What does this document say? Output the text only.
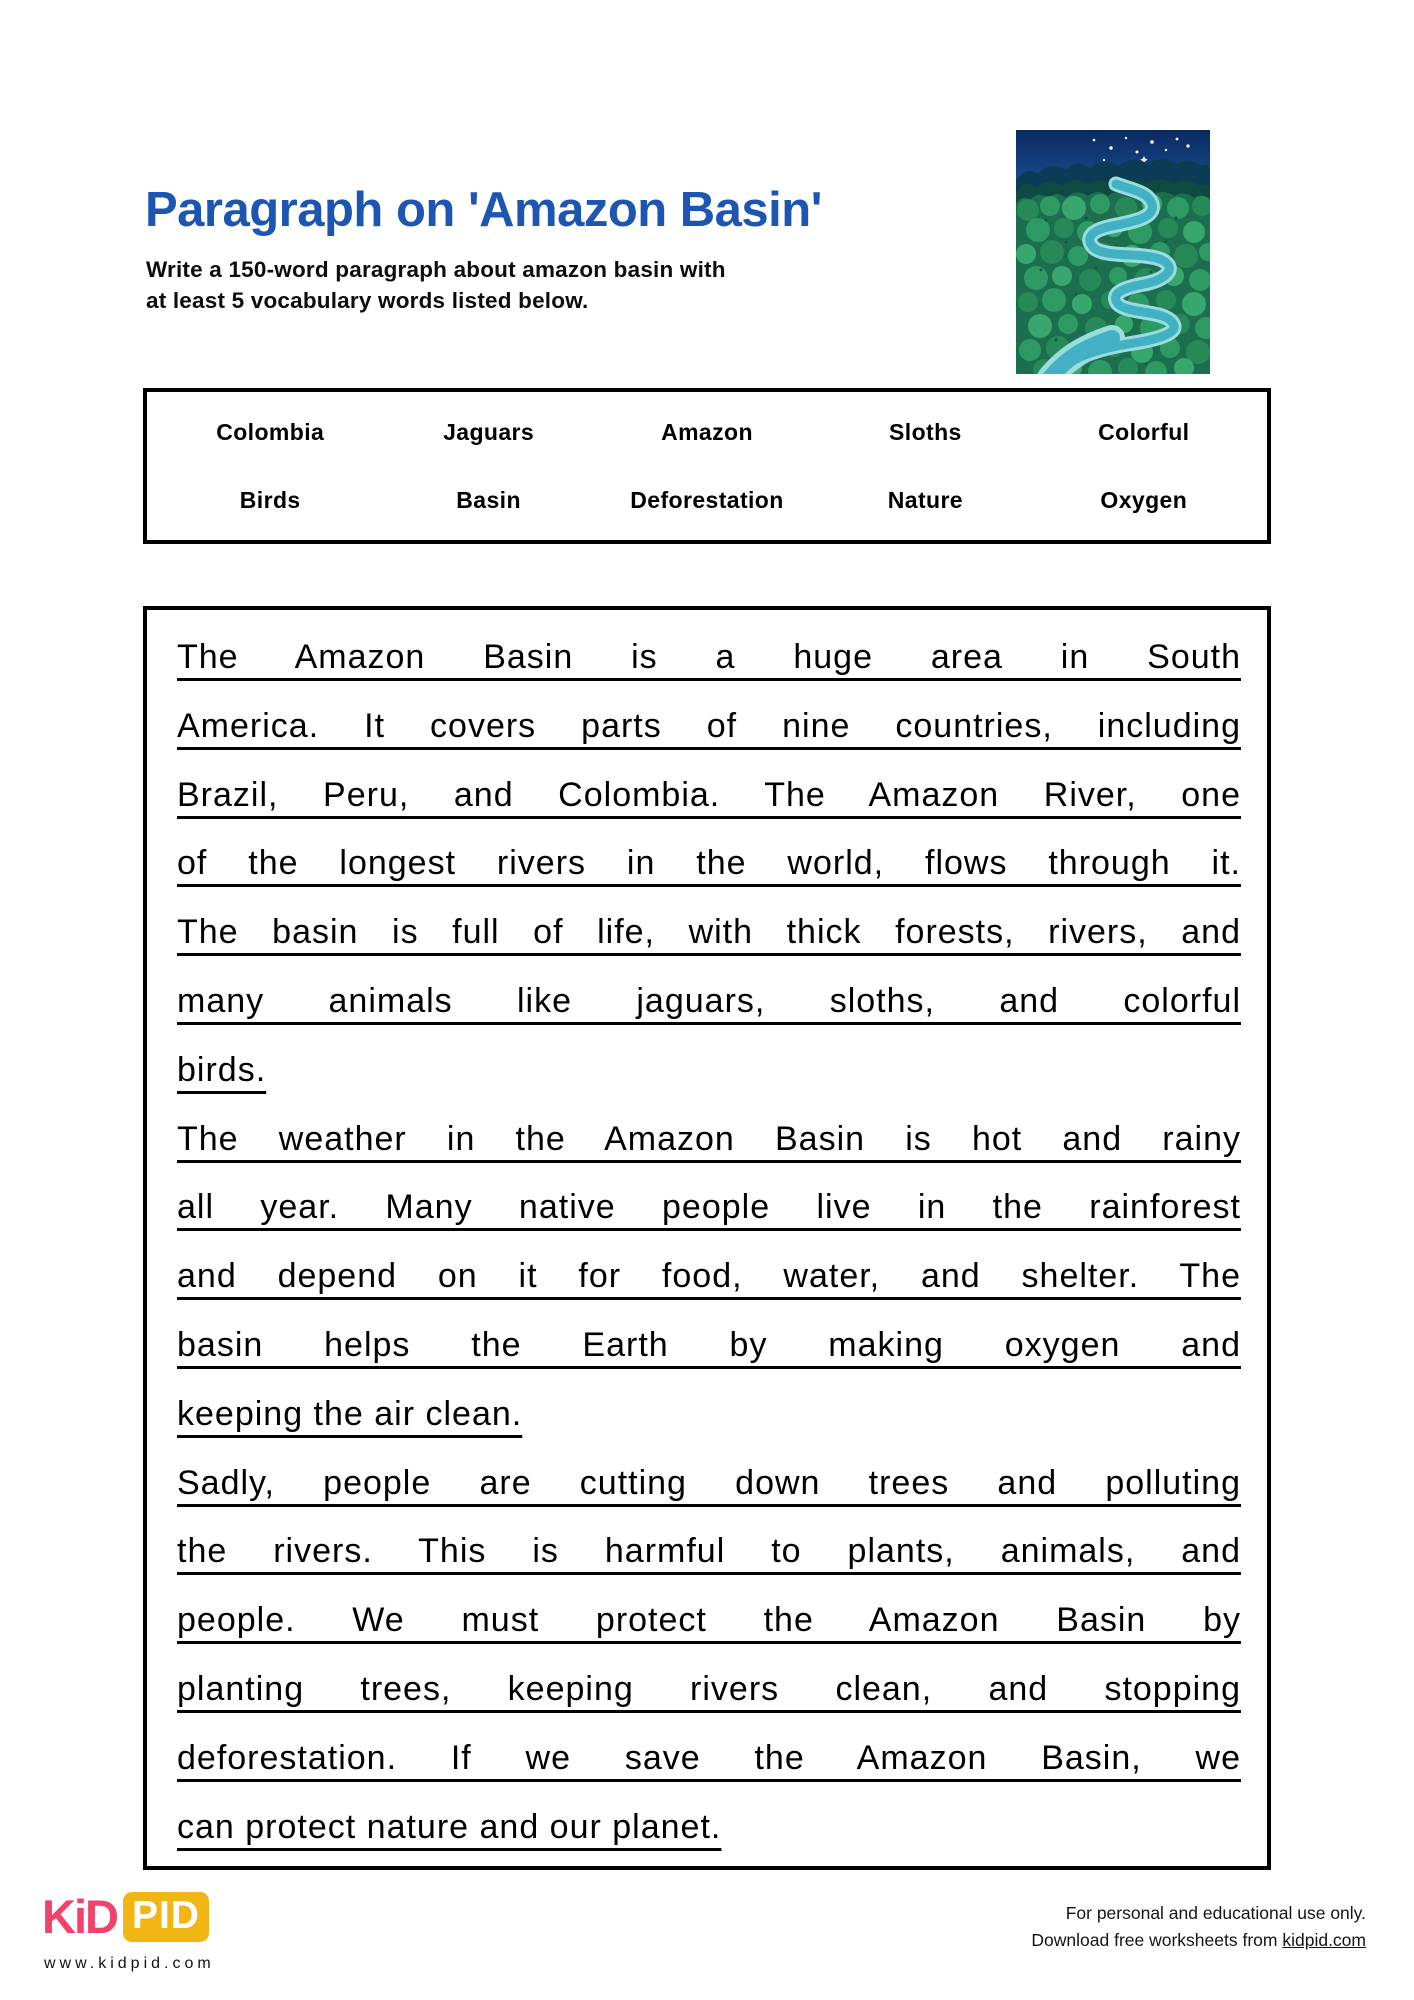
Paragraph on 'Amazon Basin'
Write a 150-word paragraph about amazon basin with
at least 5 vocabulary words listed below.
Colombia	Jaguars	Amazon	Sloths	Colorful
Birds	Basin	Deforestation	Nature	Oxygen
The Amazon Basin is a huge area in South
America. It covers parts of nine countries, including
Brazil, Peru, and Colombia. The Amazon River, one
of the longest rivers in the world, flows through it.
The basin is full of life, with thick forests, rivers, and
many animals like jaguars, sloths, and colorful
birds.
The weather in the Amazon Basin is hot and rainy
all year. Many native people live in the rainforest
and depend on it for food, water, and shelter. The
basin helps the Earth by making oxygen and
keeping the air clean.
Sadly, people are cutting down trees and polluting
the rivers. This is harmful to plants, animals, and
people. We must protect the Amazon Basin by
planting trees, keeping rivers clean, and stopping
deforestation. If we save the Amazon Basin, we
can protect nature and our planet.
KiD PID
www.kidpid.com
For personal and educational use only.
Download free worksheets from kidpid.com
